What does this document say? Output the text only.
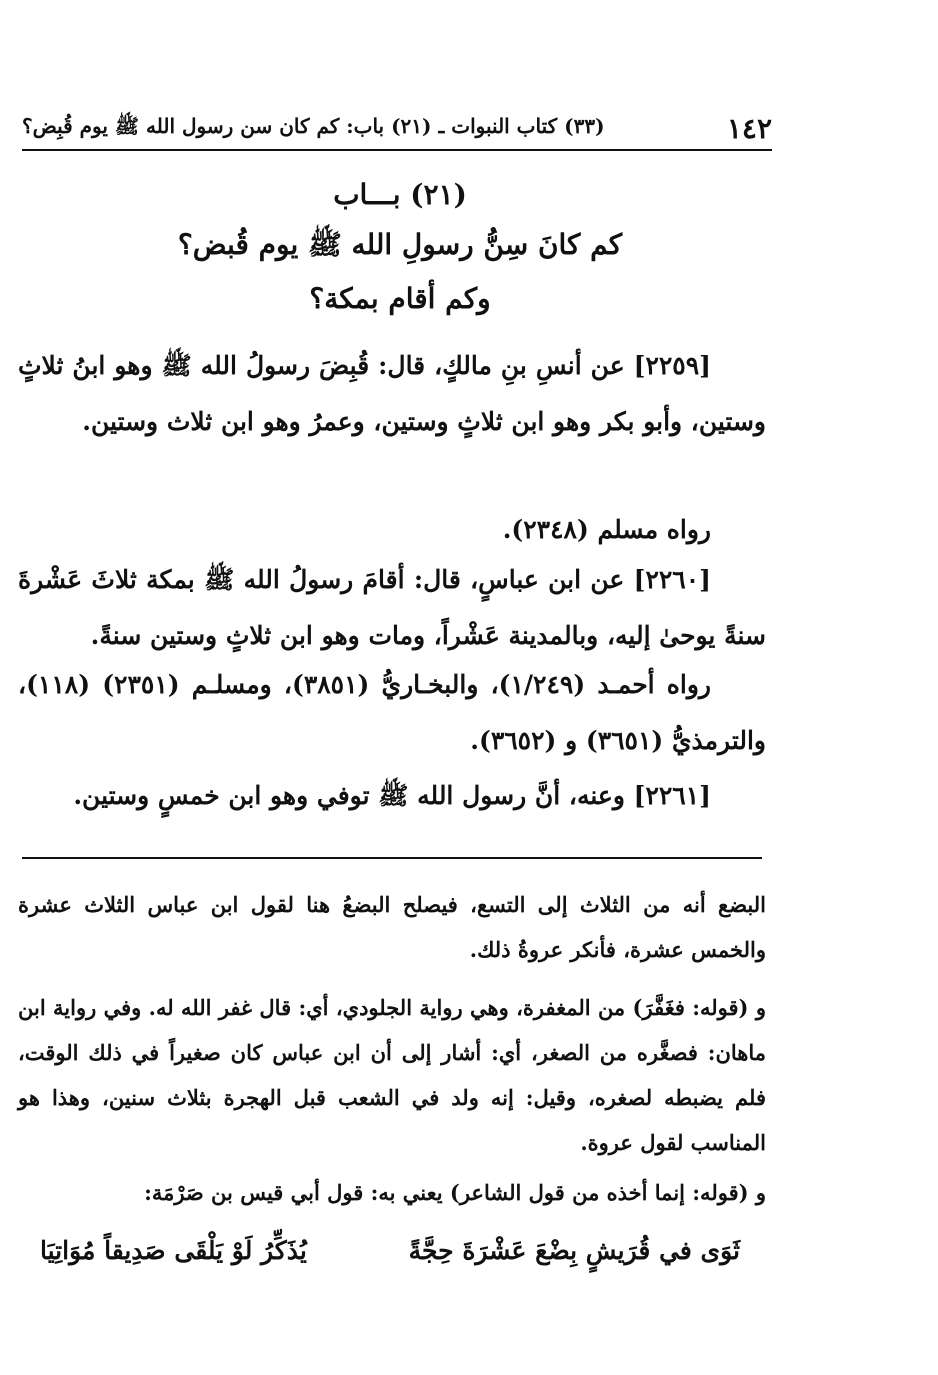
١٤٢
(٣٣) كتاب النبوات ـ (٢١) باب: كم كان سن رسول الله ﷺ يوم قُبِض؟
(٢١) بـــاب
كم كانَ سِنُّ رسولِ الله ﷺ يوم قُبض؟
وكم أقام بمكة؟
[٢٢٥٩] عن أنسِ بنِ مالكٍ، قال: قُبِضَ رسولُ الله ﷺ وهو ابنُ ثلاثٍ وستين، وأبو بكر وهو ابن ثلاثٍ وستين، وعمرُ وهو ابن ثلاث وستين.
رواه مسلم (٢٣٤٨).
[٢٢٦٠] عن ابن عباسٍ، قال: أقامَ رسولُ الله ﷺ بمكة ثلاثَ عَشْرةَ سنةً يوحىٰ إليه، وبالمدينة عَشْراً، ومات وهو ابن ثلاثٍ وستين سنةً.
رواه أحمـد (١/٢٤٩)، والبخـاريُّ (٣٨٥١)، ومسلـم (٢٣٥١) (١١٨)، والترمذيُّ (٣٦٥١) و (٣٦٥٢).
[٢٢٦١] وعنه، أنَّ رسول الله ﷺ توفي وهو ابن خمسٍ وستين.
البضع أنه من الثلاث إلى التسع، فيصلح البضعُ هنا لقول ابن عباس الثلاث عشرة والخمس عشرة، فأنكر عروةُ ذلك.
و (قوله: فغَفَّرَ) من المغفرة، وهي رواية الجلودي، أي: قال غفر الله له. وفي رواية ابن ماهان: فصغَّره من الصغر، أي: أشار إلى أن ابن عباس كان صغيراً في ذلك الوقت، فلم يضبطه لصغره، وقيل: إنه ولد في الشعب قبل الهجرة بثلاث سنين، وهذا هو المناسب لقول عروة.
و (قوله: إنما أخذه من قول الشاعر) يعني به: قول أبي قيس بن صَرْمَة:
ثَوَى في قُرَيشٍ بِضْعَ عَشْرَةَ حِجَّةً
يُذَكِّرُ لَوْ يَلْقَى صَدِيقاً مُوَاتِيَا
